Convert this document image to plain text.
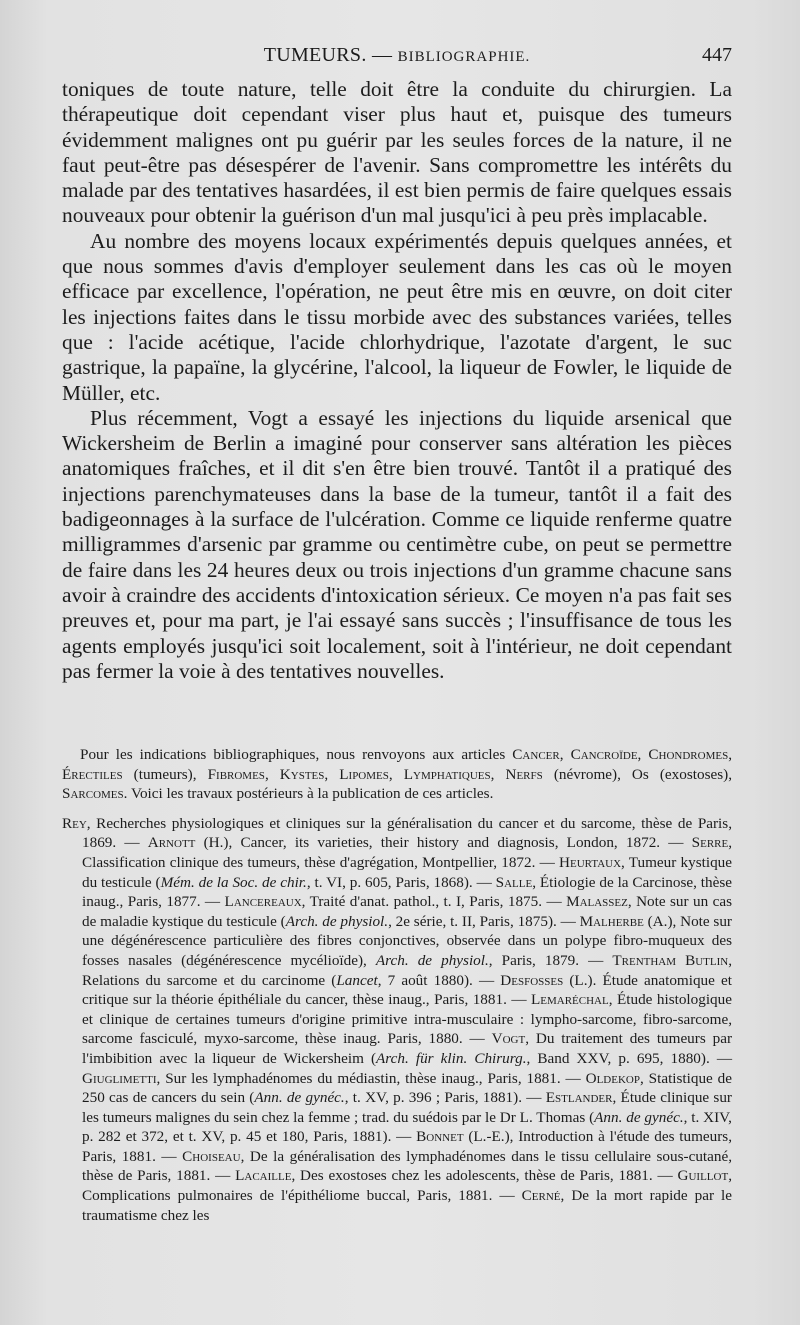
TUMEURS. — BIBLIOGRAPHIE.	447

toniques de toute nature, telle doit être la conduite du chirurgien. La thérapeutique doit cependant viser plus haut et, puisque des tumeurs évidemment malignes ont pu guérir par les seules forces de la nature, il ne faut peut-être pas désespérer de l'avenir. Sans compromettre les intérêts du malade par des tentatives hasardées, il est bien permis de faire quelques essais nouveaux pour obtenir la guérison d'un mal jusqu'ici à peu près implacable.

Au nombre des moyens locaux expérimentés depuis quelques années, et que nous sommes d'avis d'employer seulement dans les cas où le moyen efficace par excellence, l'opération, ne peut être mis en œuvre, on doit citer les injections faites dans le tissu morbide avec des substances variées, telles que : l'acide acétique, l'acide chlorhydrique, l'azotate d'argent, le suc gastrique, la papaïne, la glycérine, l'alcool, la liqueur de Fowler, le liquide de Müller, etc.

Plus récemment, Vogt a essayé les injections du liquide arsenical que Wickersheim de Berlin a imaginé pour conserver sans altération les pièces anatomiques fraîches, et il dit s'en être bien trouvé. Tantôt il a pratiqué des injections parenchymateuses dans la base de la tumeur, tantôt il a fait des badigeonnages à la surface de l'ulcération. Comme ce liquide renferme quatre milligrammes d'arsenic par gramme ou centimètre cube, on peut se permettre de faire dans les 24 heures deux ou trois injections d'un gramme chacune sans avoir à craindre des accidents d'intoxication sérieux. Ce moyen n'a pas fait ses preuves et, pour ma part, je l'ai essayé sans succès ; l'insuffisance de tous les agents employés jusqu'ici soit localement, soit à l'intérieur, ne doit cependant pas fermer la voie à des tentatives nouvelles.

Pour les indications bibliographiques, nous renvoyons aux articles Cancer, Cancroïde, Chondromes, Érectiles (tumeurs), Fibromes, Kystes, Lipomes, Lymphatiques, Nerfs (névrome), Os (exostoses), Sarcomes. Voici les travaux postérieurs à la publication de ces articles.

Rey, Recherches physiologiques et cliniques sur la généralisation du cancer et du sarcome, thèse de Paris, 1869. — Arnott (H.), Cancer, its varieties, their history and diagnosis, London, 1872. — Serre, Classification clinique des tumeurs, thèse d'agrégation, Montpellier, 1872. — Heurtaux, Tumeur kystique du testicule (Mém. de la Soc. de chir., t. VI, p. 605, Paris, 1868). — Salle, Étiologie de la Carcinose, thèse inaug., Paris, 1877. — Lancereaux, Traité d'anat. pathol., t. I, Paris, 1875. — Malassez, Note sur un cas de maladie kystique du testicule (Arch. de physiol., 2e série, t. II, Paris, 1875). — Malherbe (A.), Note sur une dégénérescence particulière des fibres conjonctives, observée dans un polype fibro-muqueux des fosses nasales (dégénérescence mycélioïde), Arch. de physiol., Paris, 1879. — Trentham Butlin, Relations du sarcome et du carcinome (Lancet, 7 août 1880). — Desfosses (L.). Étude anatomique et critique sur la théorie épithéliale du cancer, thèse inaug., Paris, 1881. — Lemaréchal, Étude histologique et clinique de certaines tumeurs d'origine primitive intra-musculaire : lympho-sarcome, fibro-sarcome, sarcome fasciculé, myxo-sarcome, thèse inaug. Paris, 1880. — Vogt, Du traitement des tumeurs par l'imbibition avec la liqueur de Wickersheim (Arch. für klin. Chirurg., Band XXV, p. 695, 1880). — Giuglimetti, Sur les lymphadénomes du médiastin, thèse inaug., Paris, 1881. — Oldekop, Statistique de 250 cas de cancers du sein (Ann. de gynéc., t. XV, p. 396 ; Paris, 1881). — Estlander, Étude clinique sur les tumeurs malignes du sein chez la femme ; trad. du suédois par le Dr L. Thomas (Ann. de gynéc., t. XIV, p. 282 et 372, et t. XV, p. 45 et 180, Paris, 1881). — Bonnet (L.-E.), Introduction à l'étude des tumeurs, Paris, 1881. — Choiseau, De la généralisation des lymphadénomes dans le tissu cellulaire sous-cutané, thèse de Paris, 1881. — Lacaille, Des exostoses chez les adolescents, thèse de Paris, 1881. — Guillot, Complications pulmonaires de l'épithéliome buccal, Paris, 1881. — Cerné, De la mort rapide par le traumatisme chez les
